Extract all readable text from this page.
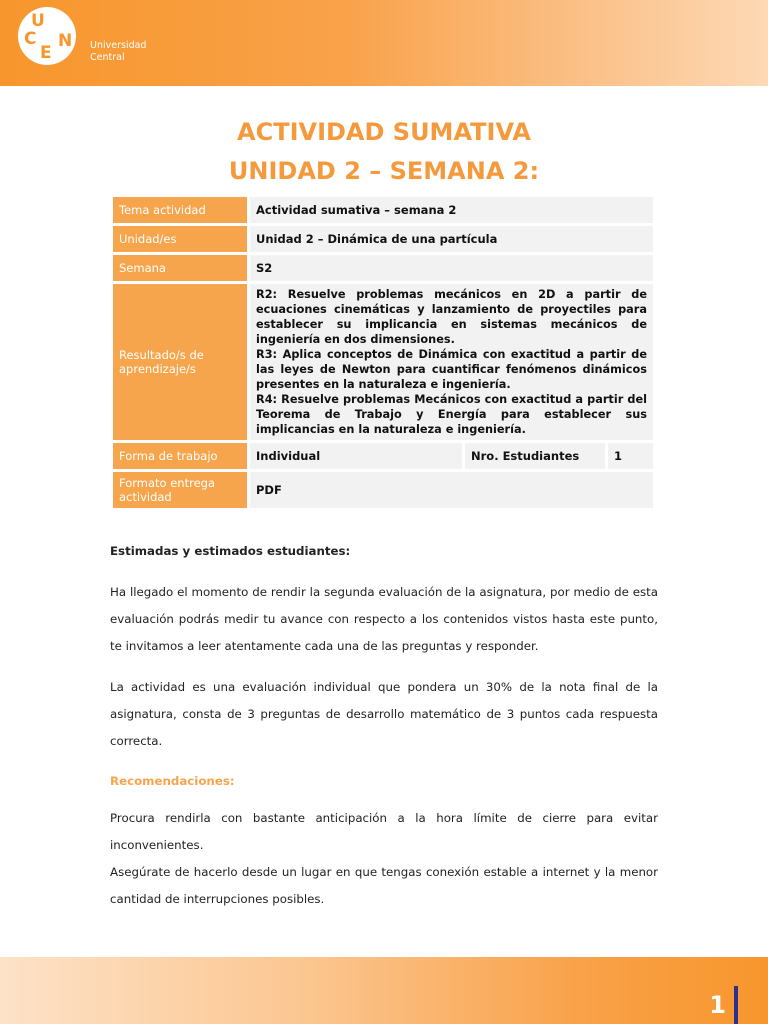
U
C
E
N Universidad
Central
ACTIVIDAD SUMATIVA
UNIDAD 2 – SEMANA 2:
Tema actividad	Actividad sumativa – semana 2		
Unidad/es	Unidad 2 – Dinámica de una partícula		
Semana	S2		
Resultado/s de aprendizaje/s	R2: Resuelve problemas mecánicos en 2D a partir de ecuaciones cinemáticas y lanzamiento de proyectiles para establecer su implicancia en sistemas mecánicos de ingeniería en dos dimensiones.
R3: Aplica conceptos de Dinámica con exactitud a partir de las leyes de Newton para cuantificar fenómenos dinámicos presentes en la naturaleza e ingeniería.
R4: Resuelve problemas Mecánicos con exactitud a partir del Teorema de Trabajo y Energía para establecer sus implicancias en la naturaleza e ingeniería.		

Forma de trabajo	Individual	Nro. Estudiantes	1
Formato entrega actividad	PDF		

Estimadas y estimados estudiantes:

Ha llegado el momento de rendir la segunda evaluación de la asignatura, por medio de esta evaluación podrás medir tu avance con respecto a los contenidos vistos hasta este punto, te invitamos a leer atentamente cada una de las preguntas y responder.

La actividad es una evaluación individual que pondera un 30% de la nota final de la asignatura, consta de 3 preguntas de desarrollo matemático de 3 puntos cada respuesta correcta.

Recomendaciones:

Procura rendirla con bastante anticipación a la hora límite de cierre para evitar inconvenientes.

Asegúrate de hacerlo desde un lugar en que tengas conexión estable a internet y la menor cantidad de interrupciones posibles.

1
